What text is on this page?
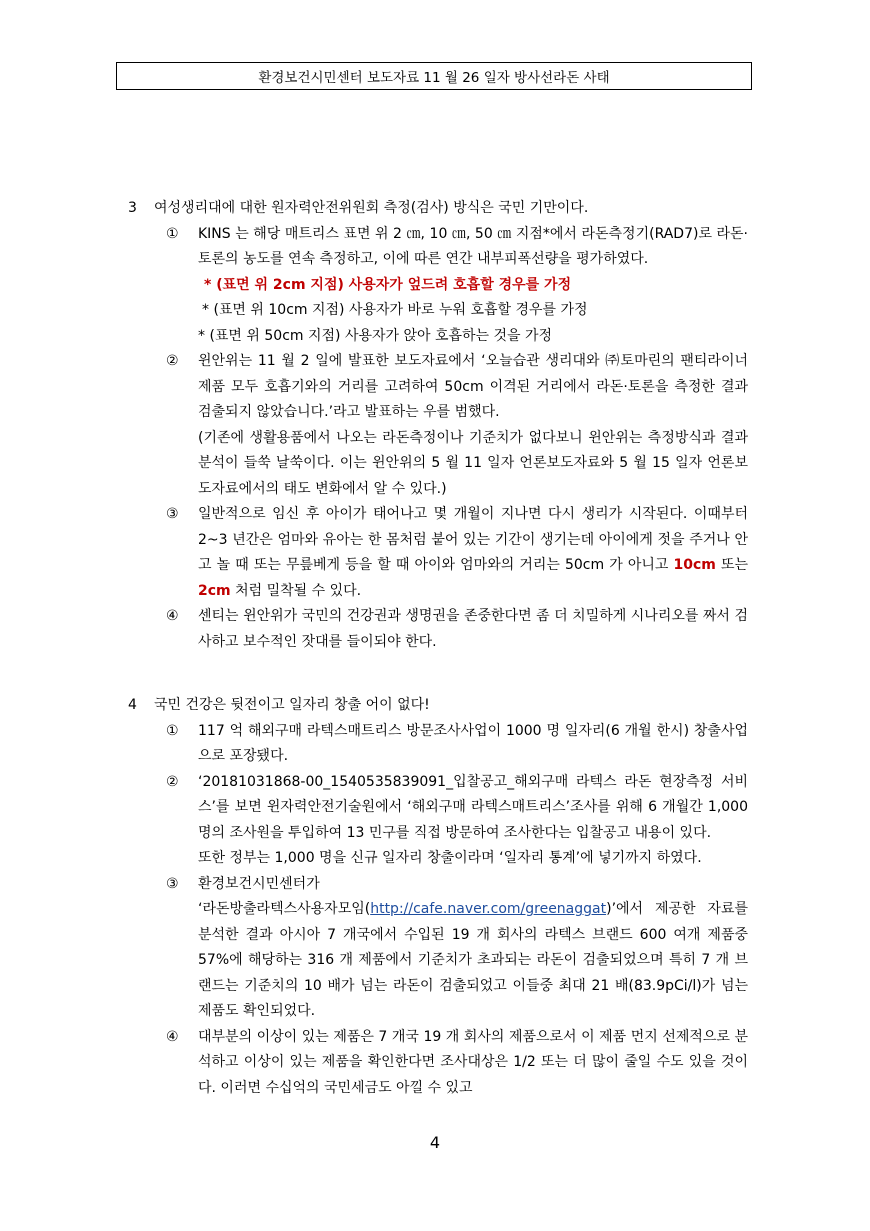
환경보건시민센터 보도자료 11 월 26 일자 방사선라돈 사태
3	여성생리대에 대한 원자력안전위원회 측정(검사) 방식은 국민 기만이다.
①	KINS 는 해당 매트리스 표면 위 2 ㎝, 10 ㎝, 50 ㎝ 지점*에서 라돈측정기(RAD7)로 라돈·토론의 농도를 연속 측정하고, 이에 따른 연간 내부피폭선량을 평가하였다.

* (표면 위 2cm 지점) 사용자가 엎드려 호흡할 경우를 가정
* (표면 위 10cm 지점) 사용자가 바로 누워 호흡할 경우를 가정
* (표면 위 50cm 지점) 사용자가 앉아 호흡하는 것을 가정
②	윈안위는 11 월 2 일에 발표한 보도자료에서 ‘오늘습관 생리대와 ㈜토마린의 팬티라이너 제품 모두 호흡기와의 거리를 고려하여 50cm 이격된 거리에서 라돈·토론을 측정한 결과 검출되지 않았습니다.’라고 발표하는 우를 범했다.

(기존에 생활용품에서 나오는 라돈측정이나 기준치가 없다보니 윈안위는 측정방식과 결과 분석이 들쑥 날쑥이다. 이는 윈안위의 5 월 11 일자 언론보도자료와 5 월 15 일자 언론보도자료에서의 태도 변화에서 알 수 있다.)

③	일반적으로 임신 후 아이가 태어나고 몇 개월이 지나면 다시 생리가 시작된다. 이때부터 2~3 년간은 엄마와 유아는 한 몸처럼 붙어 있는 기간이 생기는데 아이에게 젓을 주거나 안고 놀 때 또는 무릎베게 등을 할 때 아이와 엄마와의 거리는 50cm 가 아니고 10cm 또는 2cm 처럼 밀착될 수 있다.

④	센티는 윈안위가 국민의 건강권과 생명권을 존중한다면 좀 더 치밀하게 시나리오를 짜서 검사하고 보수적인 잣대를 들이되야 한다.

4	국민 건강은 뒷전이고 일자리 창출 어이 없다!
①	117 억 해외구매 라텍스매트리스 방문조사사업이 1000 명 일자리(6 개월 한시) 창출사업으로 포장됐다.

②	‘20181031868-00_1540535839091_입찰공고_해외구매 라텍스 라돈 현장측정 서비스’를 보면 윈자력안전기술원에서 ‘해외구매 라텍스매트리스’조사를 위해 6 개월간 1,000 명의 조사원을 투입하여 13 민구를 직접 방문하여 조사한다는 입찰공고 내용이 있다.

또한 정부는 1,000 명을 신규 일자리 창출이라며 ‘일자리 통계’에 넣기까지 하였다.

③	환경보건시민센터가

‘라돈방출라텍스사용자모임(http://cafe.naver.com/greenaggat)’에서 제공한 자료를 분석한 결과 아시아 7 개국에서 수입된 19 개 회사의 라텍스 브랜드 600 여개 제품중 57%에 해당하는 316 개 제품에서 기준치가 초과되는 라돈이 검출되었으며 특히 7 개 브랜드는 기준치의 10 배가 넘는 라돈이 검출되었고 이들중 최대 21 배(83.9pCi/l)가 넘는 제품도 확인되었다.

④	대부분의 이상이 있는 제품은 7 개국 19 개 회사의 제품으로서 이 제품 먼지 선제적으로 분석하고 이상이 있는 제품을 확인한다면 조사대상은 1/2 또는 더 많이 줄일 수도 있을 것이다. 이러면 수십억의 국민세금도 아낄 수 있고

4
